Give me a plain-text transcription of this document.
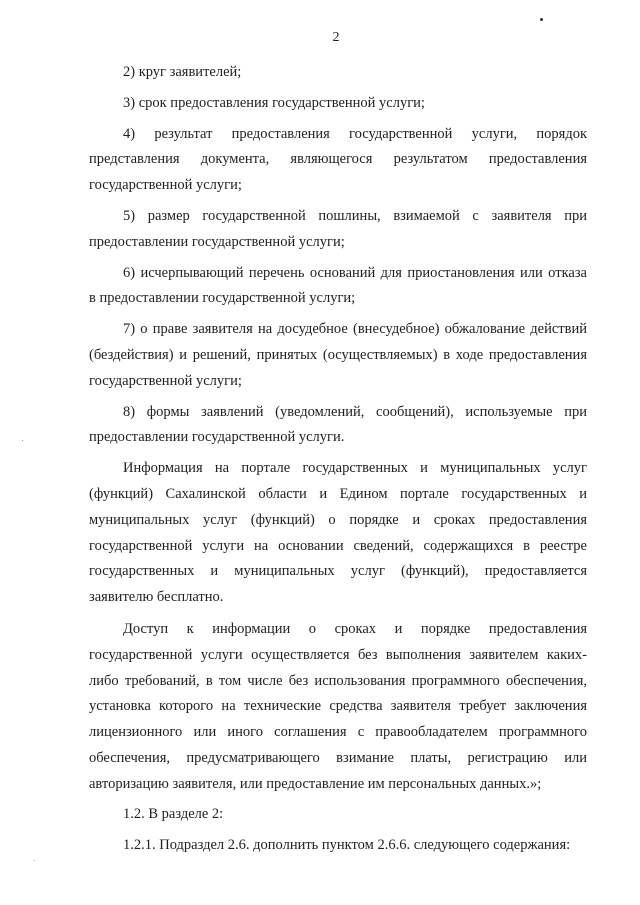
2
2) круг заявителей;
3) срок предоставления государственной услуги;
4) результат предоставления государственной услуги, порядок
представления документа, являющегося результатом предоставления
государственной услуги;
5) размер государственной пошлины, взимаемой с заявителя при
предоставлении государственной услуги;
6) исчерпывающий перечень оснований для приостановления или отказа
в предоставлении государственной услуги;
7) о праве заявителя на досудебное (внесудебное) обжалование действий
(бездействия) и решений, принятых (осуществляемых) в ходе предоставления
государственной услуги;
8) формы заявлений (уведомлений, сообщений), используемые при
предоставлении государственной услуги.
Информация на портале государственных и муниципальных услуг
(функций) Сахалинской области и Едином портале государственных и
муниципальных услуг (функций) о порядке и сроках предоставления
государственной услуги на основании сведений, содержащихся в реестре
государственных и муниципальных услуг (функций), предоставляется
заявителю бесплатно.
Доступ к информации о сроках и порядке предоставления
государственной услуги осуществляется без выполнения заявителем каких-
либо требований, в том числе без использования программного обеспечения,
установка которого на технические средства заявителя требует заключения
лицензионного или иного соглашения с правообладателем программного
обеспечения, предусматривающего взимание платы, регистрацию или
авторизацию заявителя, или предоставление им персональных данных.»;
1.2. В разделе 2:
1.2.1. Подраздел 2.6. дополнить пунктом 2.6.6. следующего содержания:
